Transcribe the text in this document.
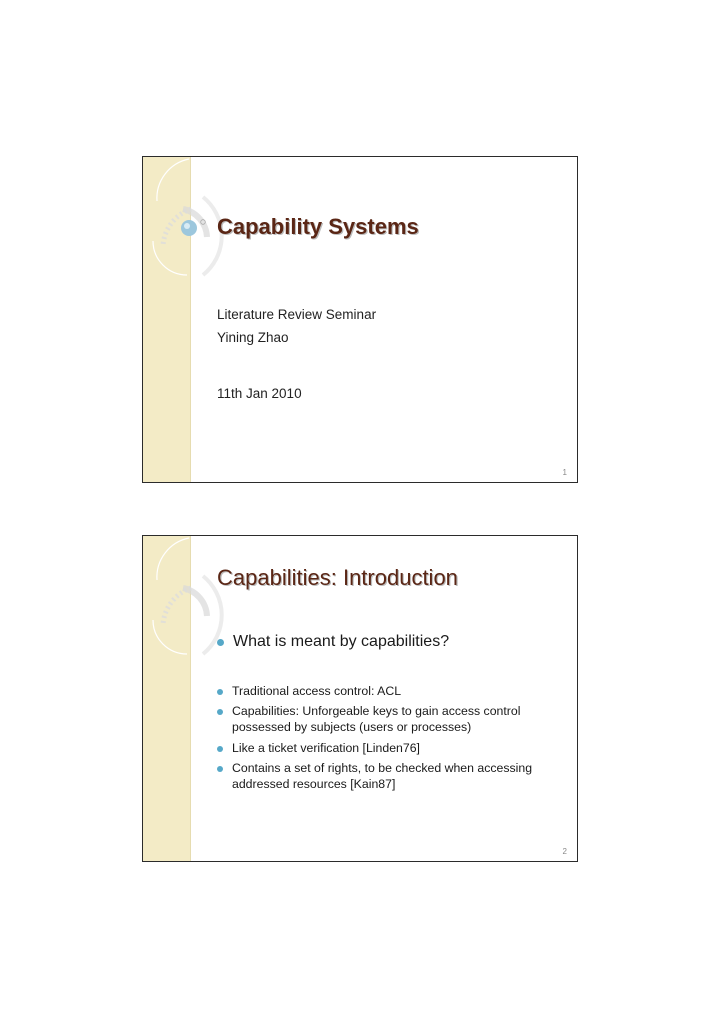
Capability Systems
Literature Review Seminar
Yining Zhao
11th Jan 2010
1
Capabilities: Introduction
What is meant by capabilities?
Traditional access control: ACL
Capabilities: Unforgeable keys to gain access control possessed by subjects (users or processes)
Like a ticket verification [Linden76]
Contains a set of rights, to be checked when accessing addressed resources [Kain87]
2
